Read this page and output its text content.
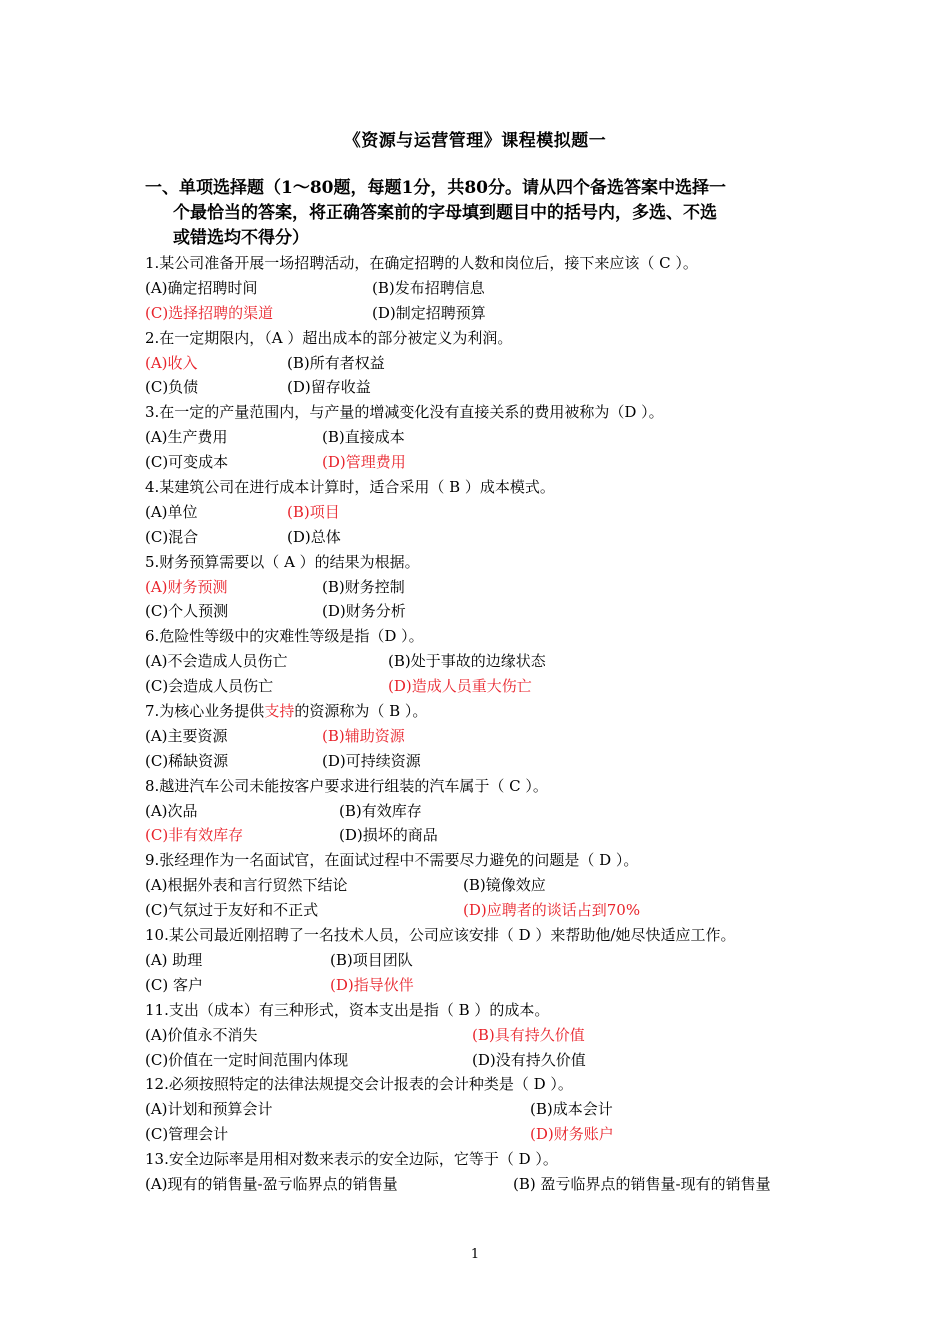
《资源与运营管理》课程模拟题一
一、单项选择题（1～80题，每题1分，共80分。请从四个备选答案中选择一
个最恰当的答案，将正确答案前的字母填到题目中的括号内，多选、不选
或错选均不得分）
1.某公司准备开展一场招聘活动，在确定招聘的人数和岗位后，接下来应该（ C ）。
(A)确定招聘时间	(B)发布招聘信息
(C)选择招聘的渠道	(D)制定招聘预算
2.在一定期限内，（A ）超出成本的部分被定义为利润。
(A)收入	(B)所有者权益
(C)负债	(D)留存收益
3.在一定的产量范围内，与产量的增减变化没有直接关系的费用被称为（D ）。
(A)生产费用	(B)直接成本
(C)可变成本	(D)管理费用
4.某建筑公司在进行成本计算时，适合采用（ B ）成本模式。
(A)单位	(B)项目
(C)混合	(D)总体
5.财务预算需要以（ A ）的结果为根据。
(A)财务预测	(B)财务控制
(C)个人预测	(D)财务分析
6.危险性等级中的灾难性等级是指（D ）。
(A)不会造成人员伤亡	(B)处于事故的边缘状态
(C)会造成人员伤亡	(D)造成人员重大伤亡
7.为核心业务提供支持的资源称为（ B ）。
(A)主要资源	(B)辅助资源
(C)稀缺资源	(D)可持续资源
8.越进汽车公司未能按客户要求进行组装的汽车属于（ C ）。
(A)次品	(B)有效库存
(C)非有效库存	(D)损坏的商品
9.张经理作为一名面试官，在面试过程中不需要尽力避免的问题是（ D ）。
(A)根据外表和言行贸然下结论	(B)镜像效应
(C)气氛过于友好和不正式	(D)应聘者的谈话占到70%
10.某公司最近刚招聘了一名技术人员，公司应该安排（ D ）来帮助他/她尽快适应工作。
(A) 助理	(B)项目团队
(C) 客户	(D)指导伙伴
11.支出（成本）有三种形式，资本支出是指（ B ）的成本。
(A)价值永不消失	(B)具有持久价值
(C)价值在一定时间范围内体现	(D)没有持久价值
12.必须按照特定的法律法规提交会计报表的会计种类是（ D ）。
(A)计划和预算会计	(B)成本会计
(C)管理会计	(D)财务账户
13.安全边际率是用相对数来表示的安全边际，它等于（ D ）。
(A)现有的销售量-盈亏临界点的销售量	(B) 盈亏临界点的销售量-现有的销售量
1
